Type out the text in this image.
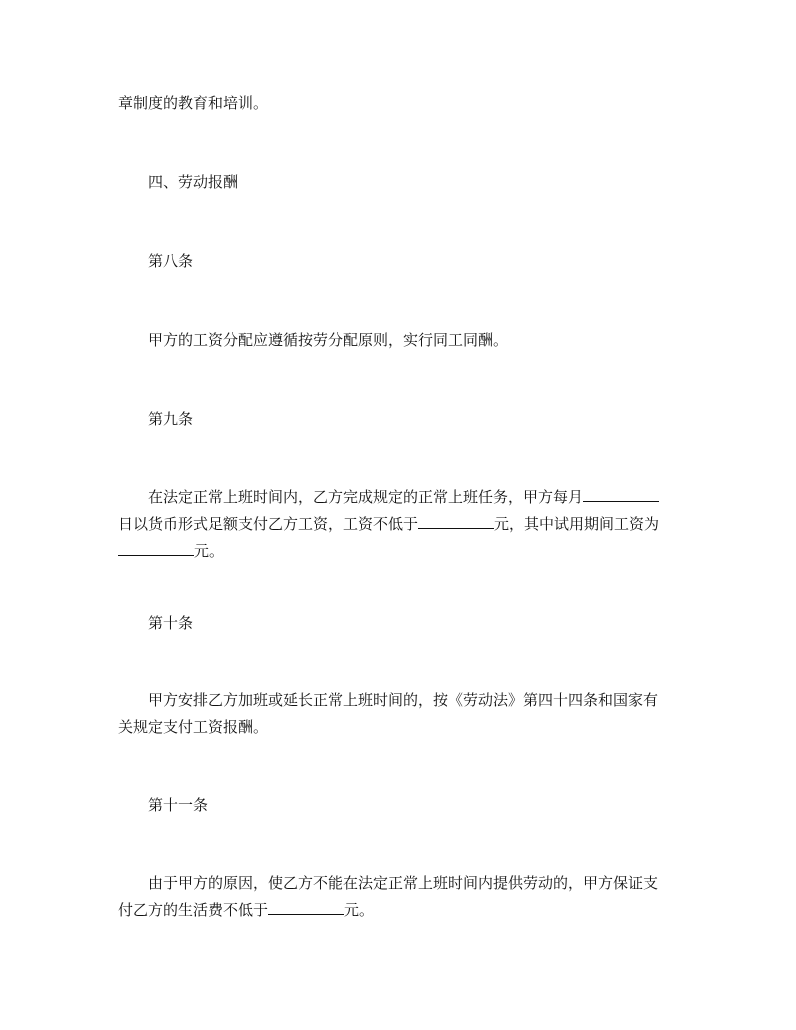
章制度的教育和培训。

四、劳动报酬

第八条

甲方的工资分配应遵循按劳分配原则，实行同工同酬。

第九条

在法定正常上班时间内，乙方完成规定的正常上班任务，甲方每月
日以货币形式足额支付乙方工资，工资不低于	元，其中试用期间工资为
元。

第十条

甲方安排乙方加班或延长正常上班时间的，按《劳动法》第四十四条和国家有
关规定支付工资报酬。

第十一条

由于甲方的原因，使乙方不能在法定正常上班时间内提供劳动的，甲方保证支
付乙方的生活费不低于	元。
